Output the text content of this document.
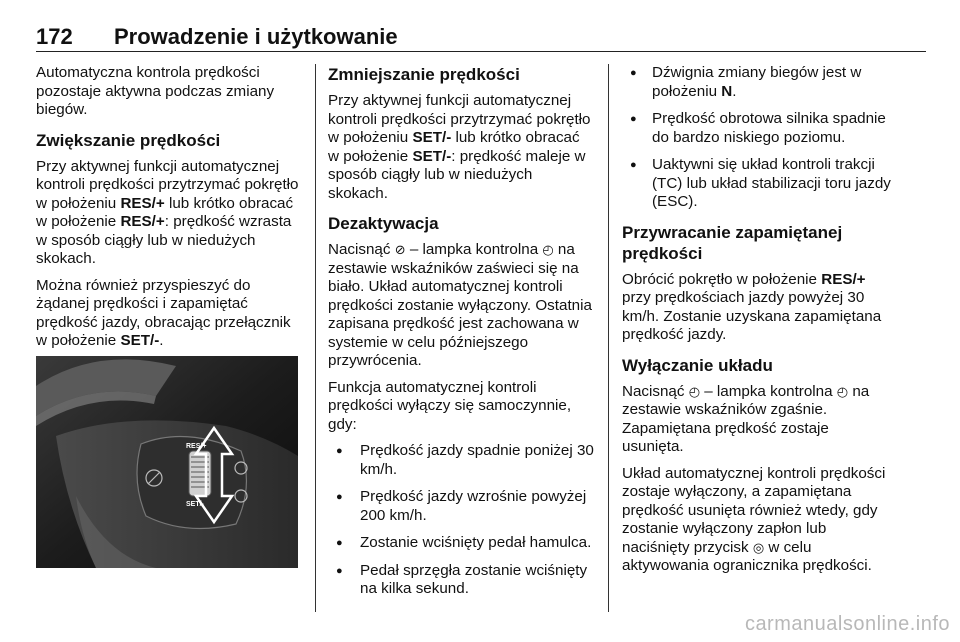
172 Prowadzenie i użytkowanie

Automatyczna kontrola prędkości pozostaje aktywna podczas zmiany biegów.

Zwiększanie prędkości

Przy aktywnej funkcji automatycznej kontroli prędkości przytrzymać pokrętło w położeniu RES/+ lub krótko obracać w położenie RES/+: prędkość wzrasta w sposób ciągły lub w niedużych skokach.

Można również przyspieszyć do żądanej prędkości i zapamiętać prędkość jazdy, obracając przełącznik w położenie SET/-.

RES/+
SET/-
Zmniejszanie prędkości

Przy aktywnej funkcji automatycznej kontroli prędkości przytrzymać pokrętło w położeniu SET/- lub krótko obracać w położenie SET/-: prędkość maleje w sposób ciągły lub w niedużych skokach.

Dezaktywacja

Nacisnąć ⊘ – lampka kontrolna ◴ na zestawie wskaźników zaświeci się na biało. Układ automatycznej kontroli prędkości zostanie wyłączony. Ostatnia zapisana prędkość jest zachowana w systemie w celu późniejszego przywrócenia.

Funkcja automatycznej kontroli prędkości wyłączy się samoczynnie, gdy:

● Prędkość jazdy spadnie poniżej 30 km/h.
● Prędkość jazdy wzrośnie powyżej 200 km/h.
● Zostanie wciśnięty pedał hamulca.
● Pedał sprzęgła zostanie wciśnięty na kilka sekund.
● Dźwignia zmiany biegów jest w położeniu N.
● Prędkość obrotowa silnika spadnie do bardzo niskiego poziomu.
● Uaktywni się układ kontroli trakcji (TC) lub układ stabilizacji toru jazdy (ESC).
Przywracanie zapamiętanej prędkości

Obrócić pokrętło w położenie RES/+ przy prędkościach jazdy powyżej 30 km/h. Zostanie uzyskana zapamiętana prędkość jazdy.

Wyłączanie układu

Nacisnąć ◴ – lampka kontrolna ◴ na zestawie wskaźników zgaśnie. Zapamiętana prędkość zostaje usunięta.

Układ automatycznej kontroli prędkości zostaje wyłączony, a zapamiętana prędkość usunięta również wtedy, gdy zostanie wyłączony zapłon lub naciśnięty przycisk ◎ w celu aktywowania ogranicznika prędkości.

carmanualsonline.info
